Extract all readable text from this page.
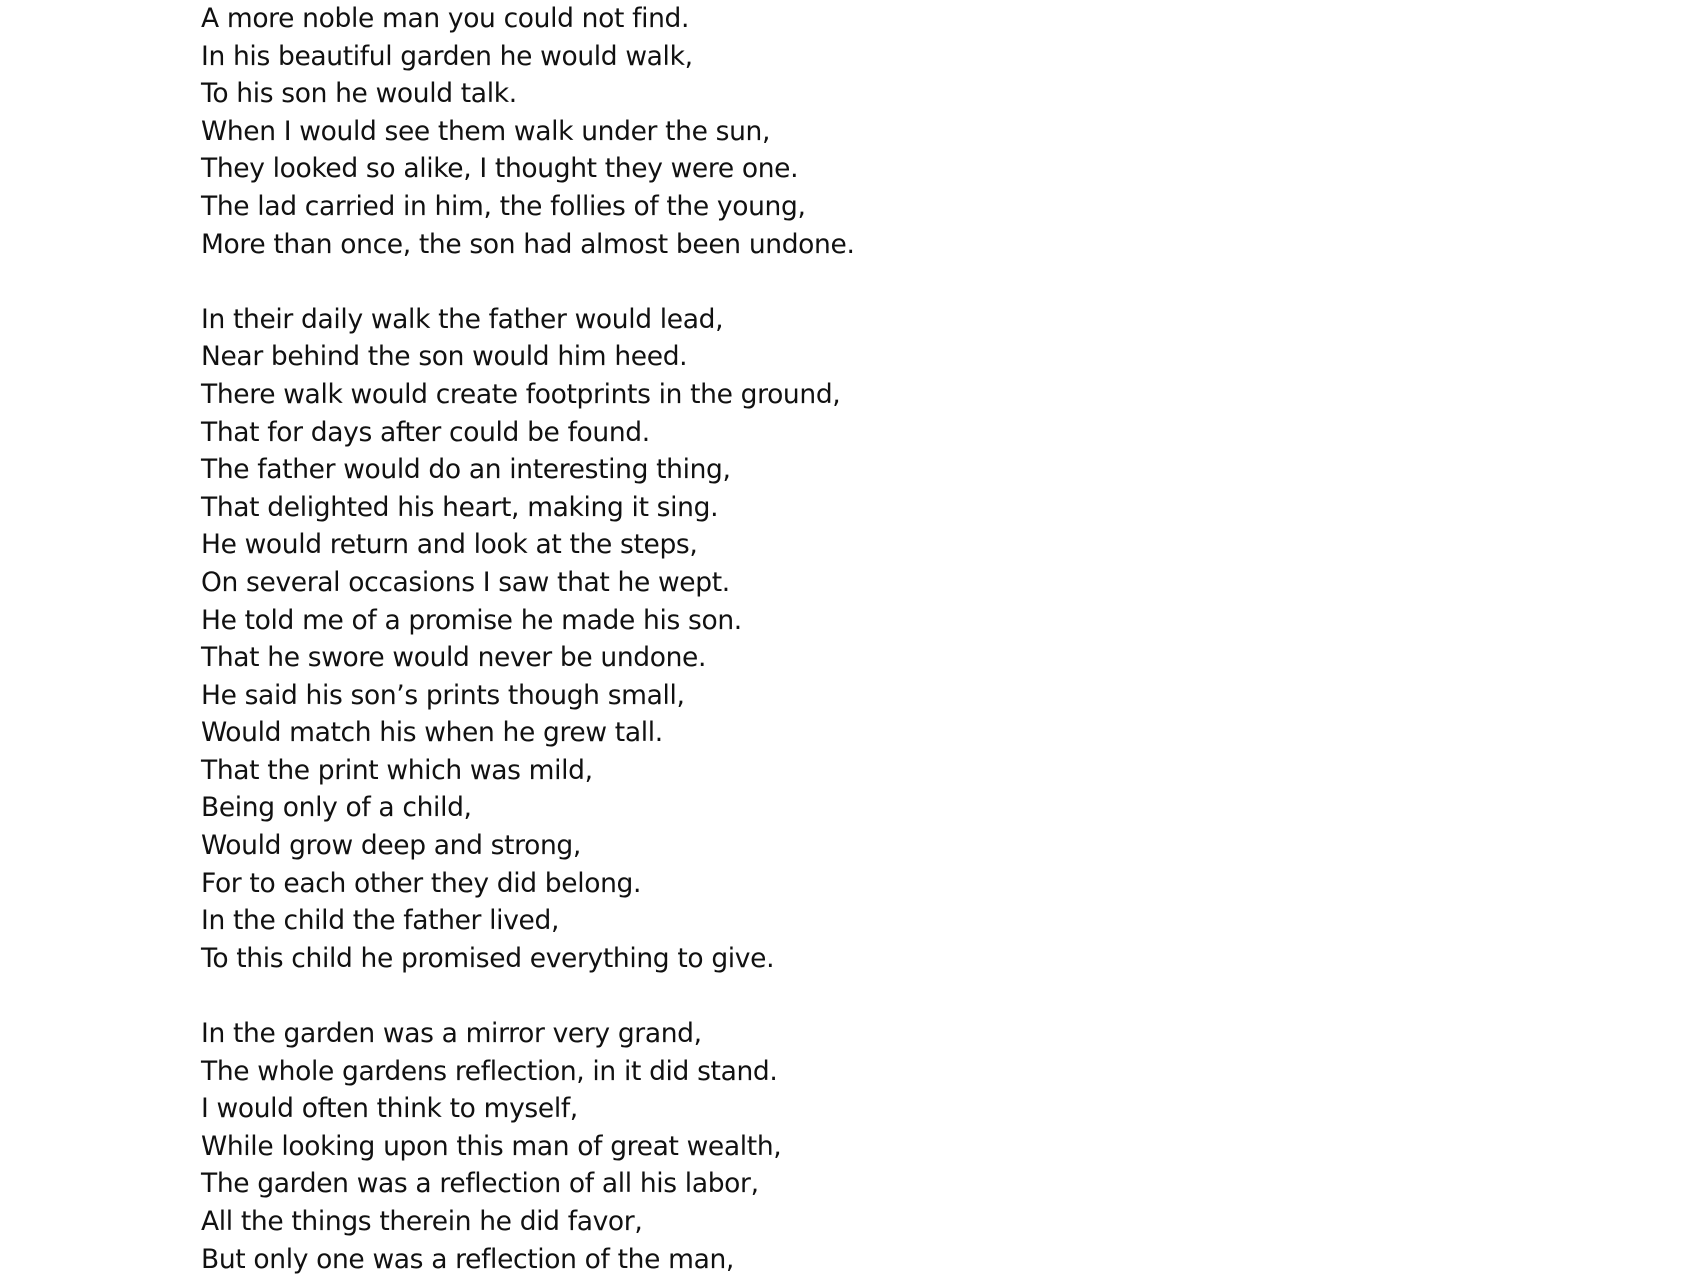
A more noble man you could not find.
In his beautiful garden he would walk,
To his son he would talk.
When I would see them walk under the sun,
They looked so alike, I thought they were one.
The lad carried in him, the follies of the young,
More than once, the son had almost been undone.
In their daily walk the father would lead,
Near behind the son would him heed.
There walk would create footprints in the ground,
That for days after could be found.
The father would do an interesting thing,
That delighted his heart, making it sing.
He would return and look at the steps,
On several occasions I saw that he wept.
He told me of a promise he made his son.
That he swore would never be undone.
He said his son’s prints though small,
Would match his when he grew tall.
That the print which was mild,
Being only of a child,
Would grow deep and strong,
For to each other they did belong.
In the child the father lived,
To this child he promised everything to give.
In the garden was a mirror very grand,
The whole gardens reflection, in it did stand.
I would often think to myself,
While looking upon this man of great wealth,
The garden was a reflection of all his labor,
All the things therein he did favor,
But only one was a reflection of the man,
